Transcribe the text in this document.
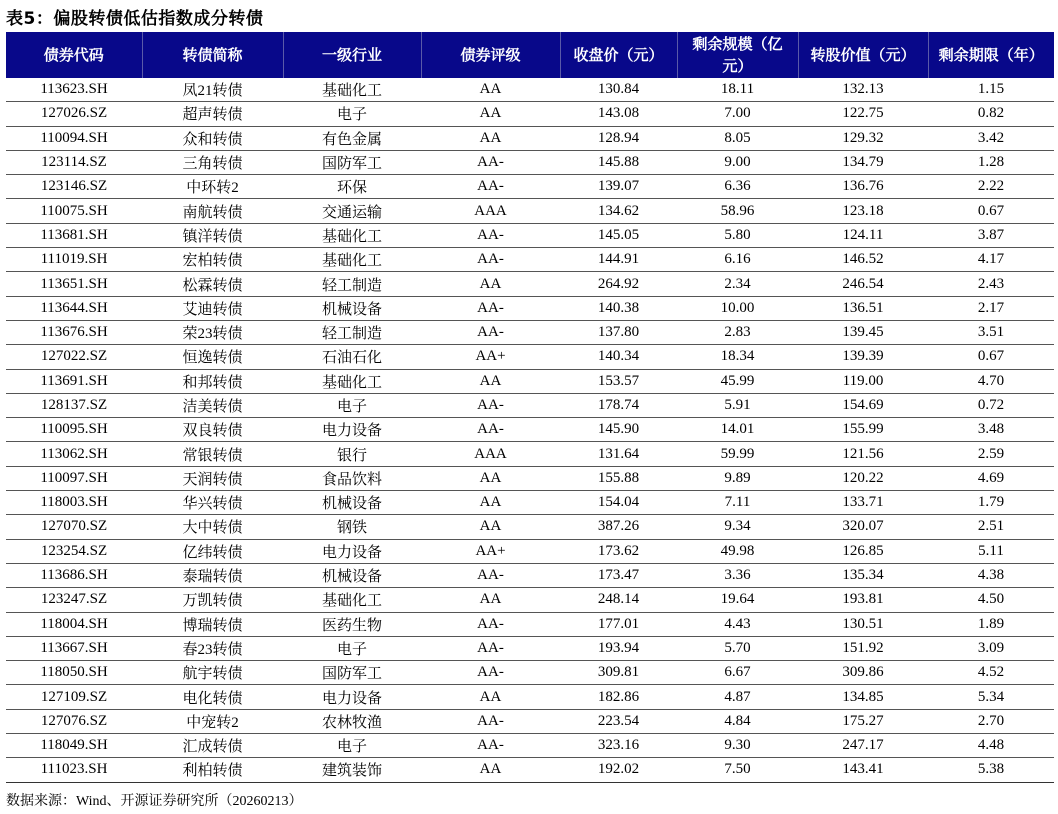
表5：偏股转债低估指数成分转债
债券代码	转债简称	一级行业	债券评级	收盘价（元）	剩余规模（亿元）	转股价值（元）	剩余期限（年）
113623.SH	凤21转债	基础化工	AA	130.84	18.11	132.13	1.15
127026.SZ	超声转债	电子	AA	143.08	7.00	122.75	0.82
110094.SH	众和转债	有色金属	AA	128.94	8.05	129.32	3.42
123114.SZ	三角转债	国防军工	AA-	145.88	9.00	134.79	1.28
123146.SZ	中环转2	环保	AA-	139.07	6.36	136.76	2.22
110075.SH	南航转债	交通运输	AAA	134.62	58.96	123.18	0.67
113681.SH	镇洋转债	基础化工	AA-	145.05	5.80	124.11	3.87
111019.SH	宏柏转债	基础化工	AA-	144.91	6.16	146.52	4.17
113651.SH	松霖转债	轻工制造	AA	264.92	2.34	246.54	2.43
113644.SH	艾迪转债	机械设备	AA-	140.38	10.00	136.51	2.17
113676.SH	荣23转债	轻工制造	AA-	137.80	2.83	139.45	3.51
127022.SZ	恒逸转债	石油石化	AA+	140.34	18.34	139.39	0.67
113691.SH	和邦转债	基础化工	AA	153.57	45.99	119.00	4.70
128137.SZ	洁美转债	电子	AA-	178.74	5.91	154.69	0.72
110095.SH	双良转债	电力设备	AA-	145.90	14.01	155.99	3.48
113062.SH	常银转债	银行	AAA	131.64	59.99	121.56	2.59
110097.SH	天润转债	食品饮料	AA	155.88	9.89	120.22	4.69
118003.SH	华兴转债	机械设备	AA	154.04	7.11	133.71	1.79
127070.SZ	大中转债	钢铁	AA	387.26	9.34	320.07	2.51
123254.SZ	亿纬转债	电力设备	AA+	173.62	49.98	126.85	5.11
113686.SH	泰瑞转债	机械设备	AA-	173.47	3.36	135.34	4.38
123247.SZ	万凯转债	基础化工	AA	248.14	19.64	193.81	4.50
118004.SH	博瑞转债	医药生物	AA-	177.01	4.43	130.51	1.89
113667.SH	春23转债	电子	AA-	193.94	5.70	151.92	3.09
118050.SH	航宇转债	国防军工	AA-	309.81	6.67	309.86	4.52
127109.SZ	电化转债	电力设备	AA	182.86	4.87	134.85	5.34
127076.SZ	中宠转2	农林牧渔	AA-	223.54	4.84	175.27	2.70
118049.SH	汇成转债	电子	AA-	323.16	9.30	247.17	4.48
111023.SH	利柏转债	建筑装饰	AA	192.02	7.50	143.41	5.38
数据来源：Wind、开源证券研究所（20260213）
